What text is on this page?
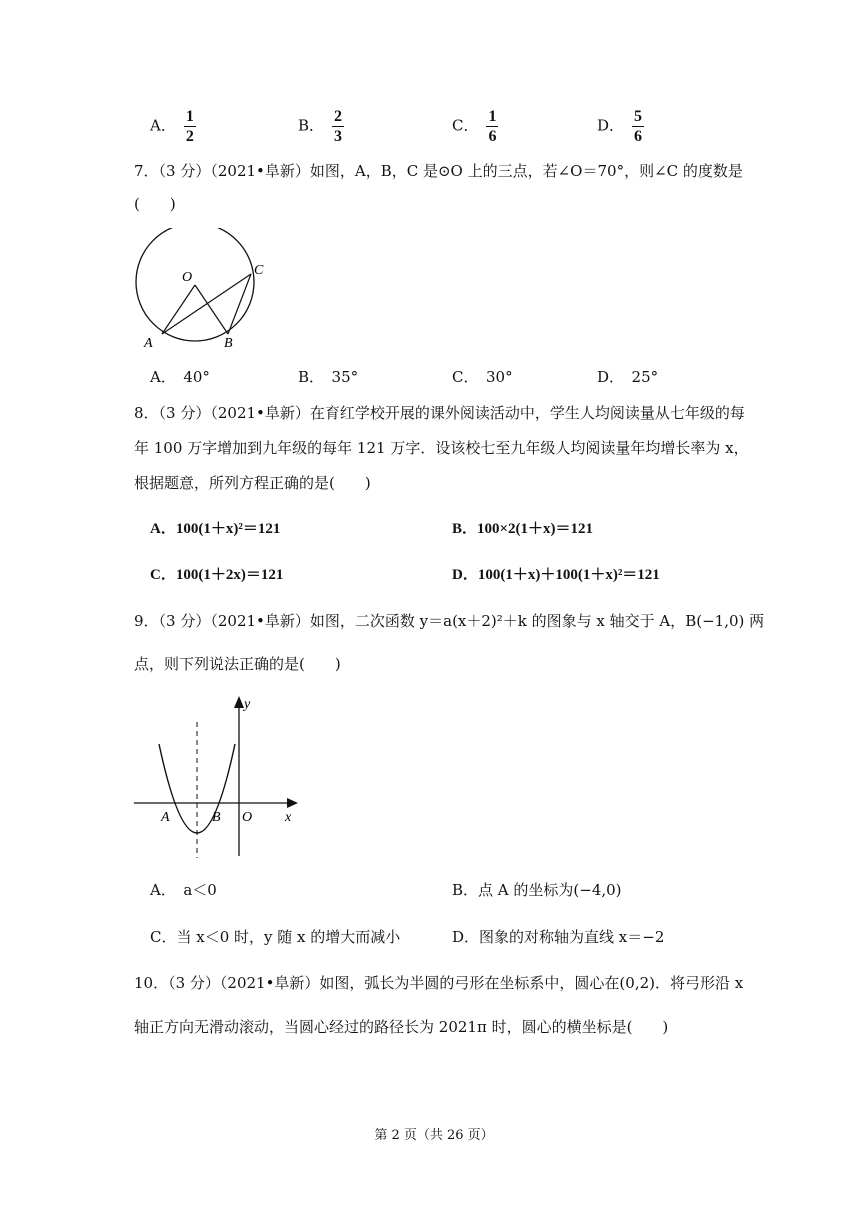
A． $\frac{1}{2}$	B． $\frac{2}{3}$	C． $\frac{1}{6}$	D． $\frac{5}{6}$
7．（3 分）（2021•阜新）如图，A，B，C 是⊙O 上的三点，若∠O＝70°，则∠C 的度数是
(　　)
O	C
A	B
A．　40°	B．　35°	C．　30°	D．　25°
8．（3 分）（2021•阜新）在育红学校开展的课外阅读活动中，学生人均阅读量从七年级的每
年 100 万字增加到九年级的每年 121 万字．设该校七至九年级人均阅读量年均增长率为 x，
根据题意，所列方程正确的是(　　)
A．100(1＋x)²＝121	B．100×2(1＋x)＝121
C．100(1＋2x)＝121	D．100(1＋x)＋100(1＋x)²＝121
9．（3 分）（2021•阜新）如图，二次函数 y＝a(x＋2)²＋k 的图象与 x 轴交于 A，B(−1,0) 两
点，则下列说法正确的是(　　)
y
x
A	B O
A．　a＜0	B．点 A 的坐标为(−4,0)
C．当 x＜0 时，y 随 x 的增大而减小	D．图象的对称轴为直线 x＝−2
10．（3 分）（2021•阜新）如图，弧长为半圆的弓形在坐标系中，圆心在(0,2)．将弓形沿 x
轴正方向无滑动滚动，当圆心经过的路径长为 2021π 时，圆心的横坐标是(　　)
第 2 页（共 26 页）
